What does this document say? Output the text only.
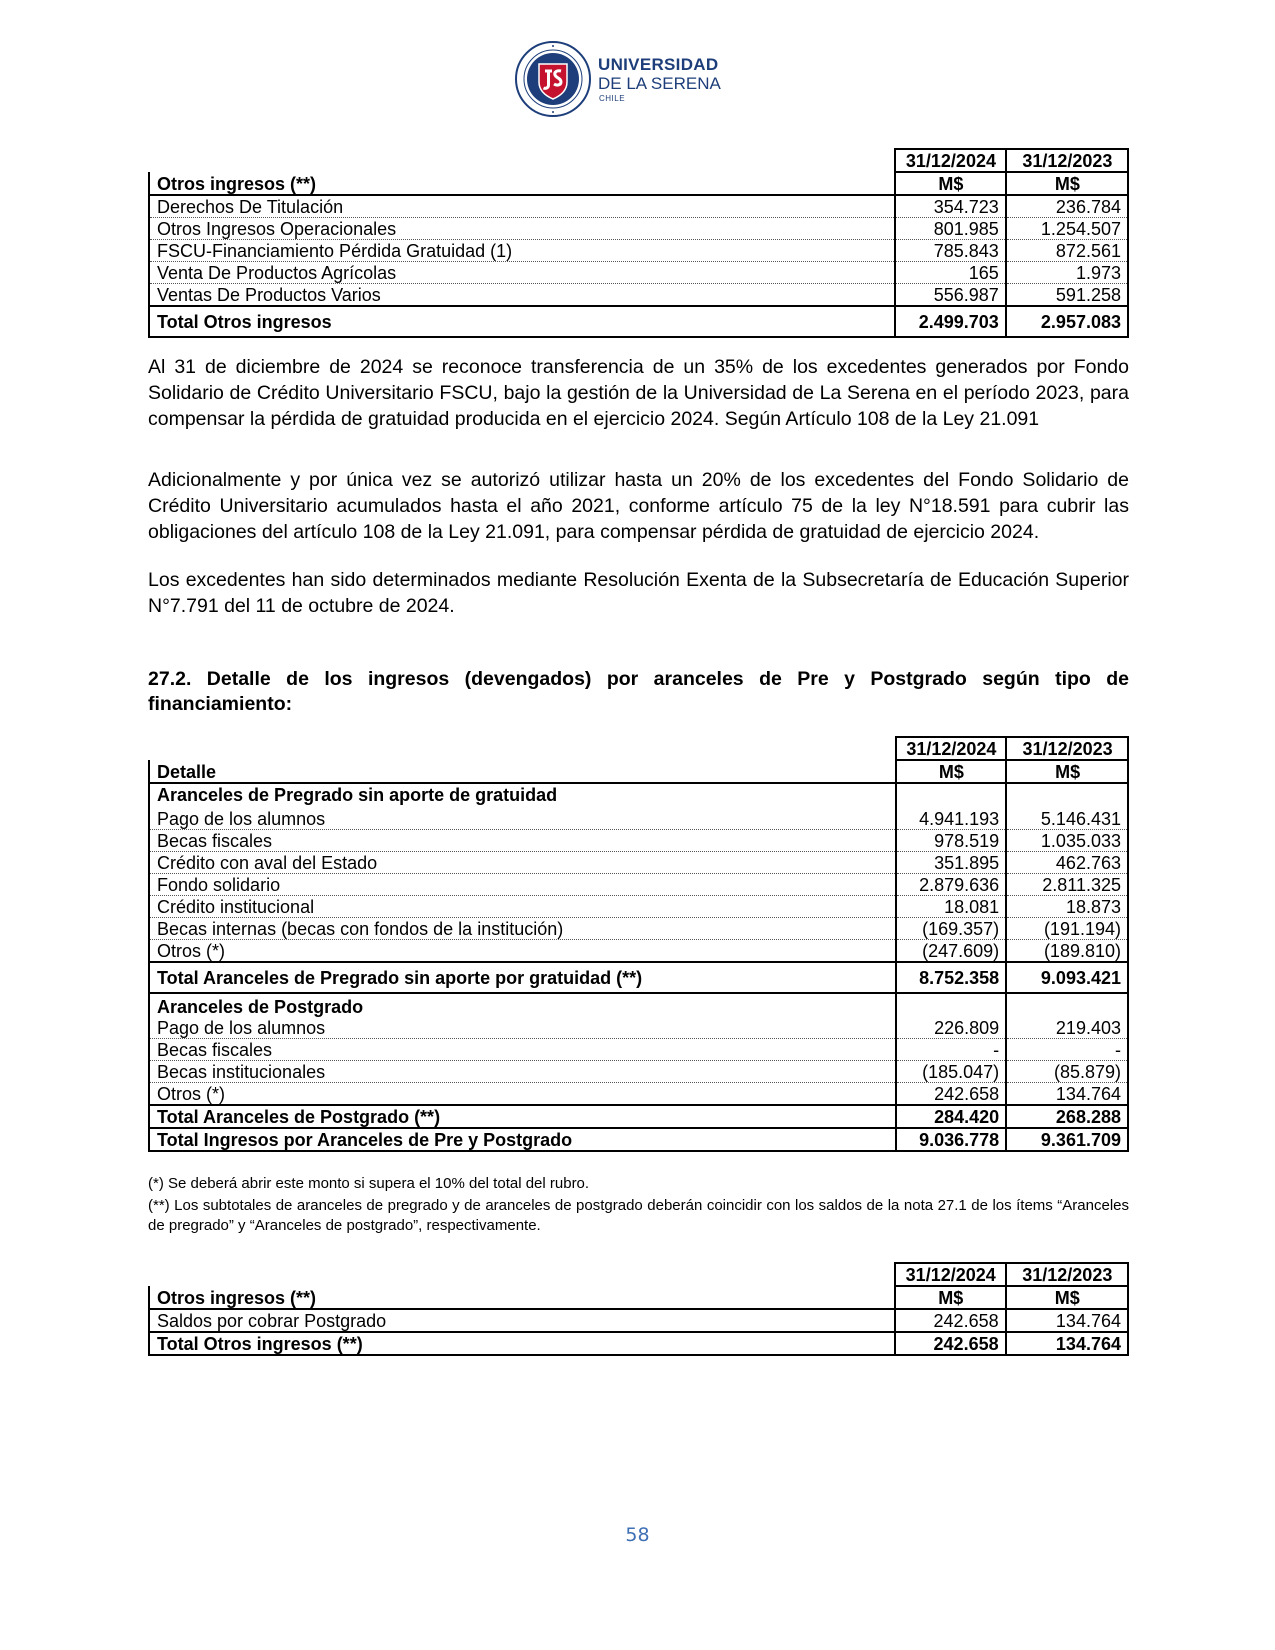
UNIVERSIDAD
DE LA SERENA
CHILE
	31/12/2024	31/12/2023
Otros ingresos (**)	M$	M$
Derechos De Titulación	354.723	236.784
Otros Ingresos Operacionales	801.985	1.254.507
FSCU-Financiamiento Pérdida Gratuidad (1)	785.843	872.561
Venta De Productos Agrícolas	165	1.973
Ventas De Productos Varios	556.987	591.258
Total Otros ingresos	2.499.703	2.957.083
Al 31 de diciembre de 2024 se reconoce transferencia de un 35% de los excedentes generados por Fondo Solidario de Crédito Universitario FSCU, bajo la gestión de la Universidad de La Serena en el período 2023, para compensar la pérdida de gratuidad producida en el ejercicio 2024. Según Artículo 108 de la Ley 21.091
Adicionalmente y por única vez se autorizó utilizar hasta un 20% de los excedentes del Fondo Solidario de Crédito Universitario acumulados hasta el año 2021, conforme artículo 75 de la ley N°18.591 para cubrir las obligaciones del artículo 108 de la Ley 21.091, para compensar pérdida de gratuidad de ejercicio 2024.
Los excedentes han sido determinados mediante Resolución Exenta de la Subsecretaría de Educación Superior N°7.791 del 11 de octubre de 2024.
27.2. Detalle de los ingresos (devengados) por aranceles de Pre y Postgrado según tipo de financiamiento:
	31/12/2024	31/12/2023
Detalle	M$	M$
Aranceles de Pregrado sin aporte de gratuidad		
Pago de los alumnos	4.941.193	5.146.431
Becas fiscales	978.519	1.035.033
Crédito con aval del Estado	351.895	462.763
Fondo solidario	2.879.636	2.811.325
Crédito institucional	18.081	18.873
Becas internas (becas con fondos de la institución)	(169.357)	(191.194)
Otros (*)	(247.609)	(189.810)
Total Aranceles de Pregrado sin aporte por gratuidad (**)	8.752.358	9.093.421
Aranceles de Postgrado		
Pago de los alumnos	226.809	219.403
Becas fiscales	-	-
Becas institucionales	(185.047)	(85.879)
Otros (*)	242.658	134.764
Total Aranceles de Postgrado (**)	284.420	268.288
Total Ingresos por Aranceles de Pre y Postgrado	9.036.778	9.361.709
(*) Se deberá abrir este monto si supera el 10% del total del rubro.
(**) Los subtotales de aranceles de pregrado y de aranceles de postgrado deberán coincidir con los saldos de la nota 27.1 de los ítems “Aranceles de pregrado” y “Aranceles de postgrado”, respectivamente.
	31/12/2024	31/12/2023
Otros ingresos (**)	M$	M$
Saldos por cobrar Postgrado	242.658	134.764
Total Otros ingresos (**)	242.658	134.764
58
